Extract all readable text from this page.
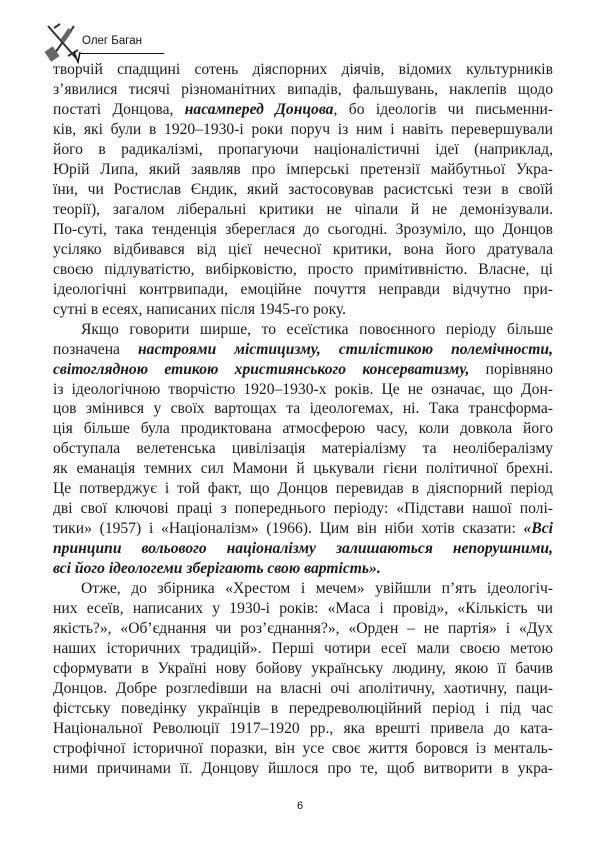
Олег Баган
творчій спадщині сотень діяспорних діячів, відомих культурників
з’явилися тисячі різноманітних випадів, фальшувань, наклепів щодо
постаті Донцова, насамперед Донцова, бо ідеологів чи письменни-
ків, які були в 1920–1930-і роки поруч із ним і навіть перевершували
його в радикалізмі, пропагуючи націоналістичні ідеї (наприклад,
Юрій Липа, який заявляв про імперські претензії майбутньої Укра-
їни, чи Ростислав Єндик, який застосовував расистські тези в своїй
теорії), загалом ліберальні критики не чіпали й не демонізували.
По-суті, така тенденція збереглася до сьогодні. Зрозуміло, що Донцов
усіляко відбивався від цієї нечесної критики, вона його дратувала
своєю підлуватістю, вибірковістю, просто примітивністю. Власне, ці
ідеологічні контрвипади, емоційне почуття неправди відчутно при-
сутні в есеях, написаних після 1945-го року.
Якщо говорити ширше, то есеїстика повоєнного періоду більше
позначена настроями містицизму, стилістикою полемічности,
світоглядною етикою християнського консерватизму, порівняно
із ідеологічною творчістю 1920–1930-х років. Це не означає, що Дон-
цов змінився у своїх вартощах та ідеологемах, ні. Така трансформа-
ція більше була продиктована атмосферою часу, коли довкола його
обступала велетенська цивілізація матеріалізму та неолібералізму
як еманація темних сил Мамони й цькували гієни політичної брехні.
Це потверджує і той факт, що Донцов перевидав в діяспорний період
дві свої ключові праці з попереднього періоду: «Підстави нашої полі-
тики» (1957) і «Націоналізм» (1966). Цим він ніби хотів сказати: «Всі
принципи вольового націоналізму залишаються непорушними,
всі його ідеологеми зберігають свою вартість».
Отже, до збірника «Хрестом і мечем» увійшли п’ять ідеологіч-
них есеїв, написаних у 1930-і років: «Маса і провід», «Кількість чи
якість?», «Об’єднання чи роз’єднання?», «Орден – не партія» і «Дух
наших історичних традицій». Перші чотири есеї мали своєю метою
сформувати в Україні нову бойову українську людину, якою її бачив
Донцов. Добре розглedівши на власні очі аполітичну, хаотичну, паци-
фістську поведінку українців в передреволюційний період і під час
Національної Революції 1917–1920 рр., яка врешті привела до ката-
строфічної історичної поразки, він усе своє життя боровся із менталь-
ними причинами її. Донцову йшлося про те, щоб витворити в укра-
6
